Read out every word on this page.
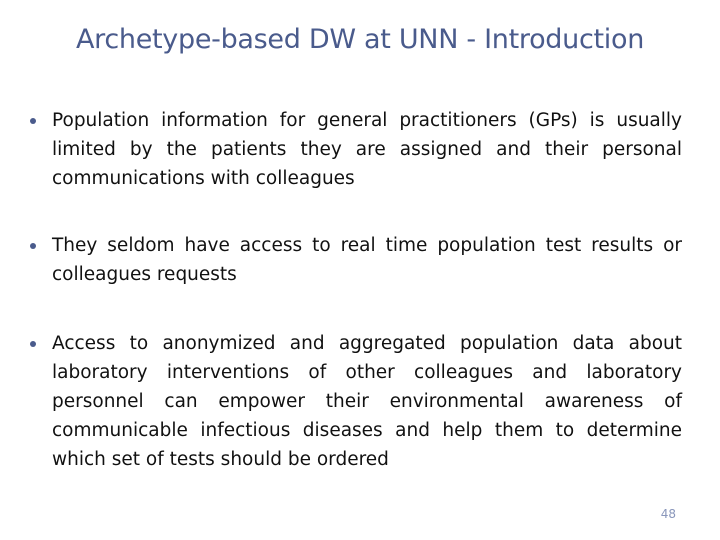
Archetype-based DW at UNN - Introduction
Population information for general practitioners (GPs) is usually limited by the patients they are assigned and their personal communications with colleagues
They seldom have access to real time population test results or colleagues requests
Access to anonymized and aggregated population data about laboratory interventions of other colleagues and laboratory personnel can empower their environmental awareness of communicable infectious diseases and help them to determine which set of tests should be ordered
48
